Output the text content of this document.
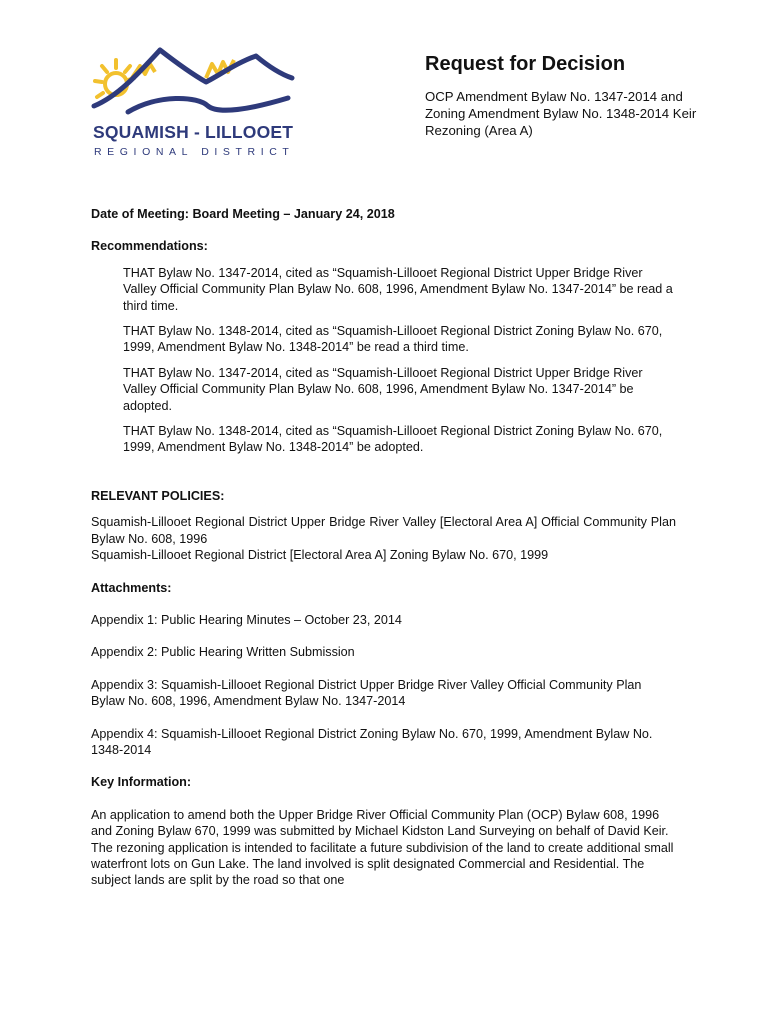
SQUAMISH - LILLOOET
REGIONAL DISTRICT
Request for Decision
OCP Amendment Bylaw No. 1347-2014 and Zoning Amendment Bylaw No. 1348-2014 Keir Rezoning (Area A)

Date of Meeting: Board Meeting – January 24, 2018

Recommendations:

THAT Bylaw No. 1347-2014, cited as “Squamish-Lillooet Regional District Upper Bridge River Valley Official Community Plan Bylaw No. 608, 1996, Amendment Bylaw No. 1347-2014” be read a third time.

THAT Bylaw No. 1348-2014, cited as “Squamish-Lillooet Regional District Zoning Bylaw No. 670, 1999, Amendment Bylaw No. 1348-2014” be read a third time.

THAT Bylaw No. 1347-2014, cited as “Squamish-Lillooet Regional District Upper Bridge River Valley Official Community Plan Bylaw No. 608, 1996, Amendment Bylaw No. 1347-2014” be adopted.

THAT Bylaw No. 1348-2014, cited as “Squamish-Lillooet Regional District Zoning Bylaw No. 670, 1999, Amendment Bylaw No. 1348-2014” be adopted.

RELEVANT POLICIES:

Squamish-Lillooet Regional District Upper Bridge River Valley [Electoral Area A] Official Community Plan Bylaw No. 608, 1996

Squamish-Lillooet Regional District [Electoral Area A] Zoning Bylaw No. 670, 1999

Attachments:

Appendix 1: Public Hearing Minutes – October 23, 2014

Appendix 2: Public Hearing Written Submission

Appendix 3: Squamish-Lillooet Regional District Upper Bridge River Valley Official Community Plan Bylaw No. 608, 1996, Amendment Bylaw No. 1347-2014

Appendix 4: Squamish-Lillooet Regional District Zoning Bylaw No. 670, 1999, Amendment Bylaw No. 1348-2014

Key Information:

An application to amend both the Upper Bridge River Official Community Plan (OCP) Bylaw 608, 1996 and Zoning Bylaw 670, 1999 was submitted by Michael Kidston Land Surveying on behalf of David Keir. The rezoning application is intended to facilitate a future subdivision of the land to create additional small waterfront lots on Gun Lake. The land involved is split designated Commercial and Residential. The subject lands are split by the road so that one
